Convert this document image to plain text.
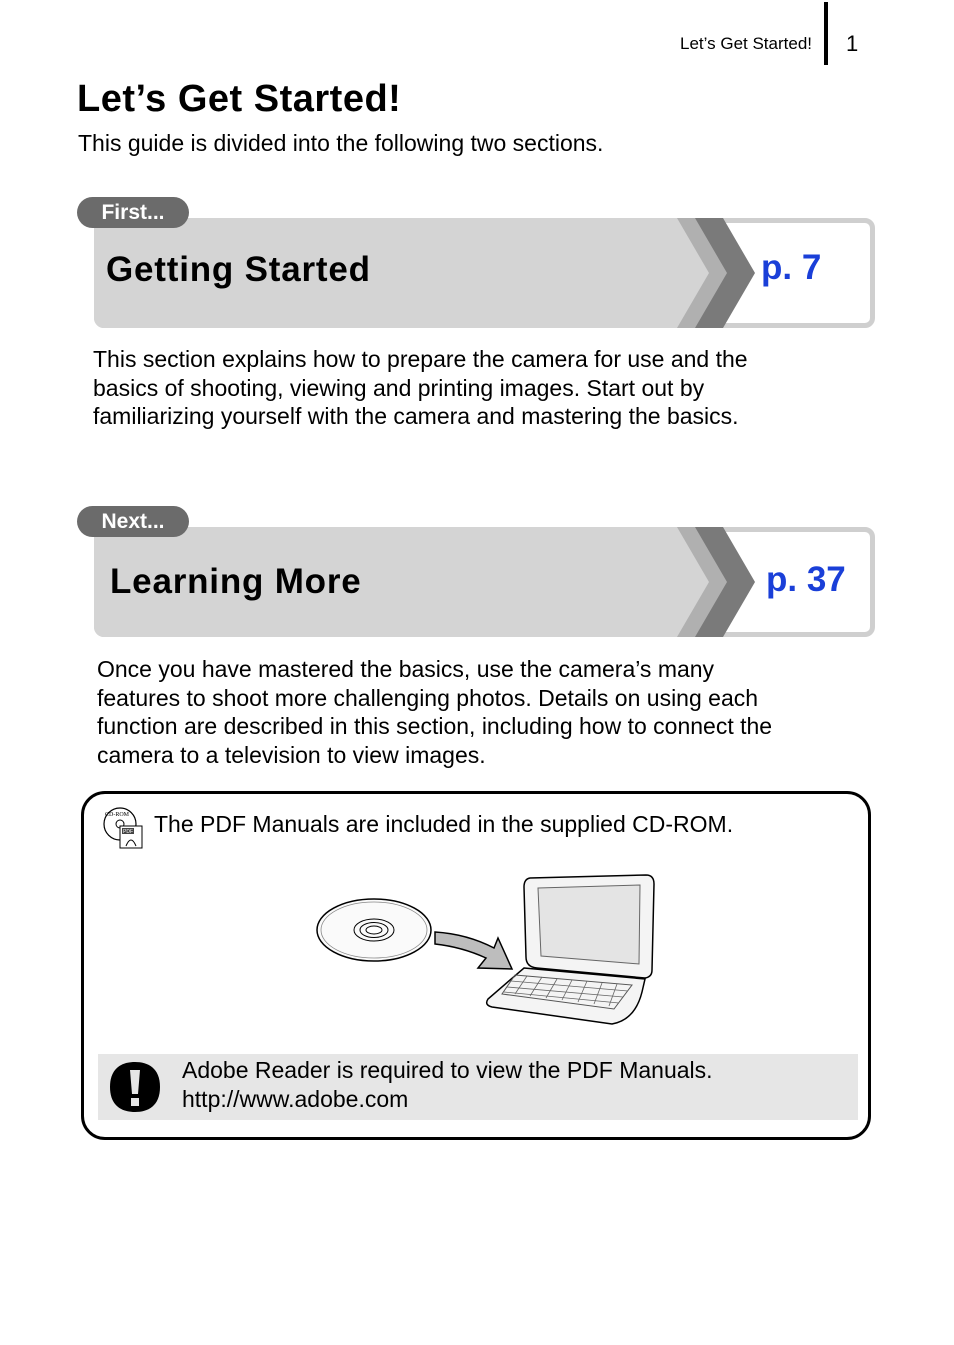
Let’s Get Started! 1
Let’s Get Started!
This guide is divided into the following two sections.
First...
Getting Started	p. 7
This section explains how to prepare the camera for use and the
basics of shooting, viewing and printing images. Start out by
familiarizing yourself with the camera and mastering the basics.
Next...
Learning More	p. 37
Once you have mastered the basics, use the camera’s many
features to shoot more challenging photos. Details on using each
function are described in this section, including how to connect the
camera to a television to view images.
CD-ROM
PDF The PDF Manuals are included in the supplied CD-ROM.
Adobe Reader is required to view the PDF Manuals.
http://www.adobe.com
